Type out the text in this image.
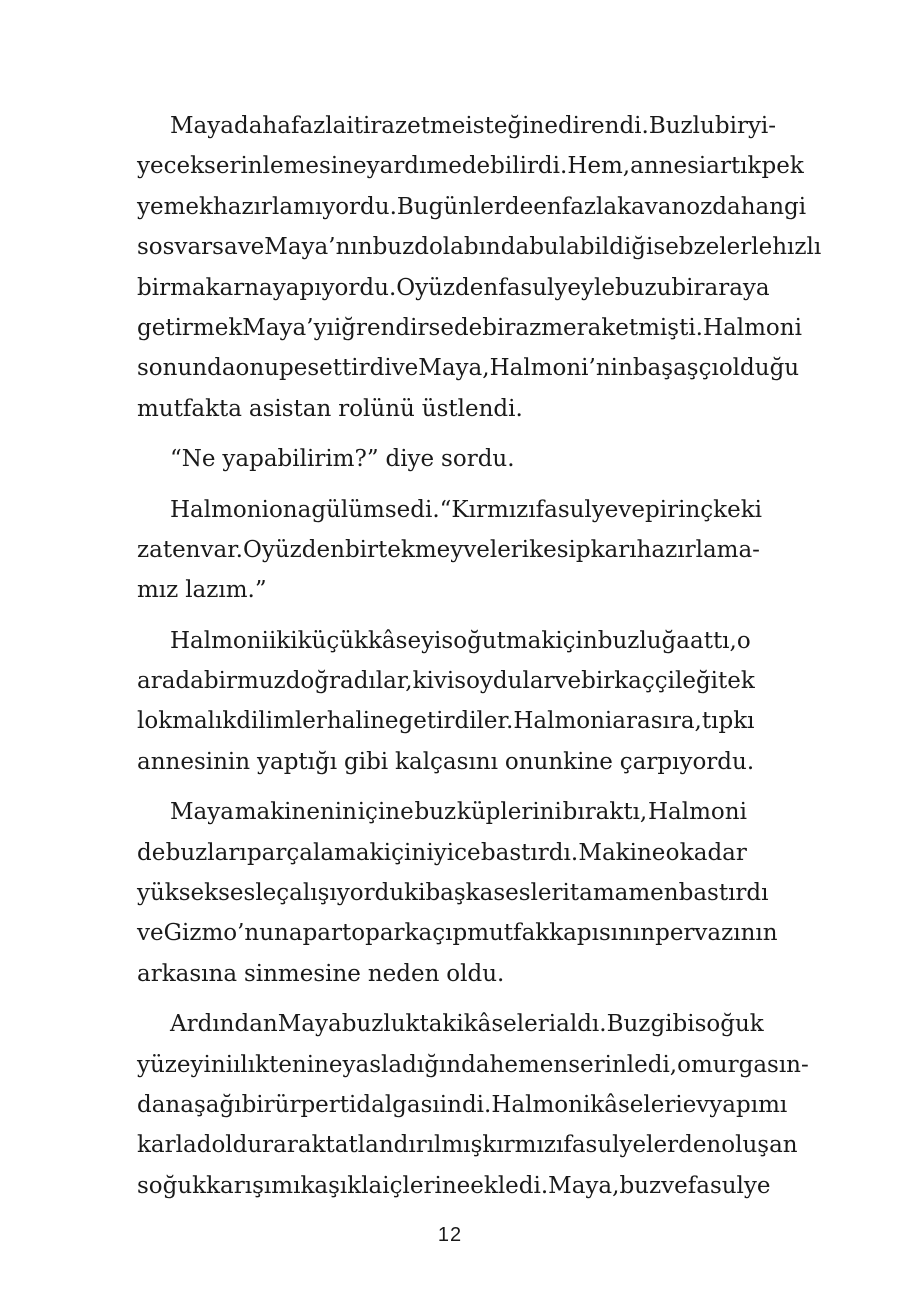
Maya daha fazla itiraz etme isteğine direndi. Buzlu bir yi-
yecek serinlemesine yardım edebilirdi. Hem, annesi artık pek
yemek hazırlamıyordu. Bugünlerde en fazla kavanozda hangi
sos varsa ve Maya’nın buzdolabında bulabildiği sebzelerle hızlı
bir makarna yapıyordu. O yüzden fasulyeyle buzu bir araya
getirmek Maya’yı iğrendirse de biraz merak etmişti. Halmoni
sonunda onu pes ettirdi ve Maya, Halmoni’nin başaşçı olduğu
mutfakta asistan rolünü üstlendi.
“Ne yapabilirim?” diye sordu.
Halmoni ona gülümsedi. “Kırmızı fasulye ve pirinç keki
zaten var. O yüzden bir tek meyveleri kesip karı hazırlama-
mız lazım.”
Halmoni iki küçük kâseyi soğutmak için buzluğa attı, o
arada bir muz doğradılar, kivi soydular ve birkaç çileği tek
lokmalık dilimler haline getirdiler. Halmoni ara sıra, tıpkı
annesinin yaptığı gibi kalçasını onunkine çarpıyordu.
Maya makinenin içine buz küplerini bıraktı, Halmoni
de buzları parçalamak için iyice bastırdı. Makine o kadar
yüksek sesle çalışıyordu ki başka sesleri tamamen bastırdı
ve Gizmo’nun apar topar kaçıp mutfak kapısının pervazının
arkasına sinmesine neden oldu.
Ardından Maya buzluktaki kâseleri aldı. Buz gibi soğuk
yüzeyini ılık tenine yasladığında hemen serinledi, omurgasın-
dan aşağı bir ürperti dalgası indi. Halmoni kâseleri ev yapımı
karla doldurarak tatlandırılmış kırmızı fasulyelerden oluşan
soğuk karışımı kaşıkla içlerine ekledi. Maya, buz ve fasulye
12
